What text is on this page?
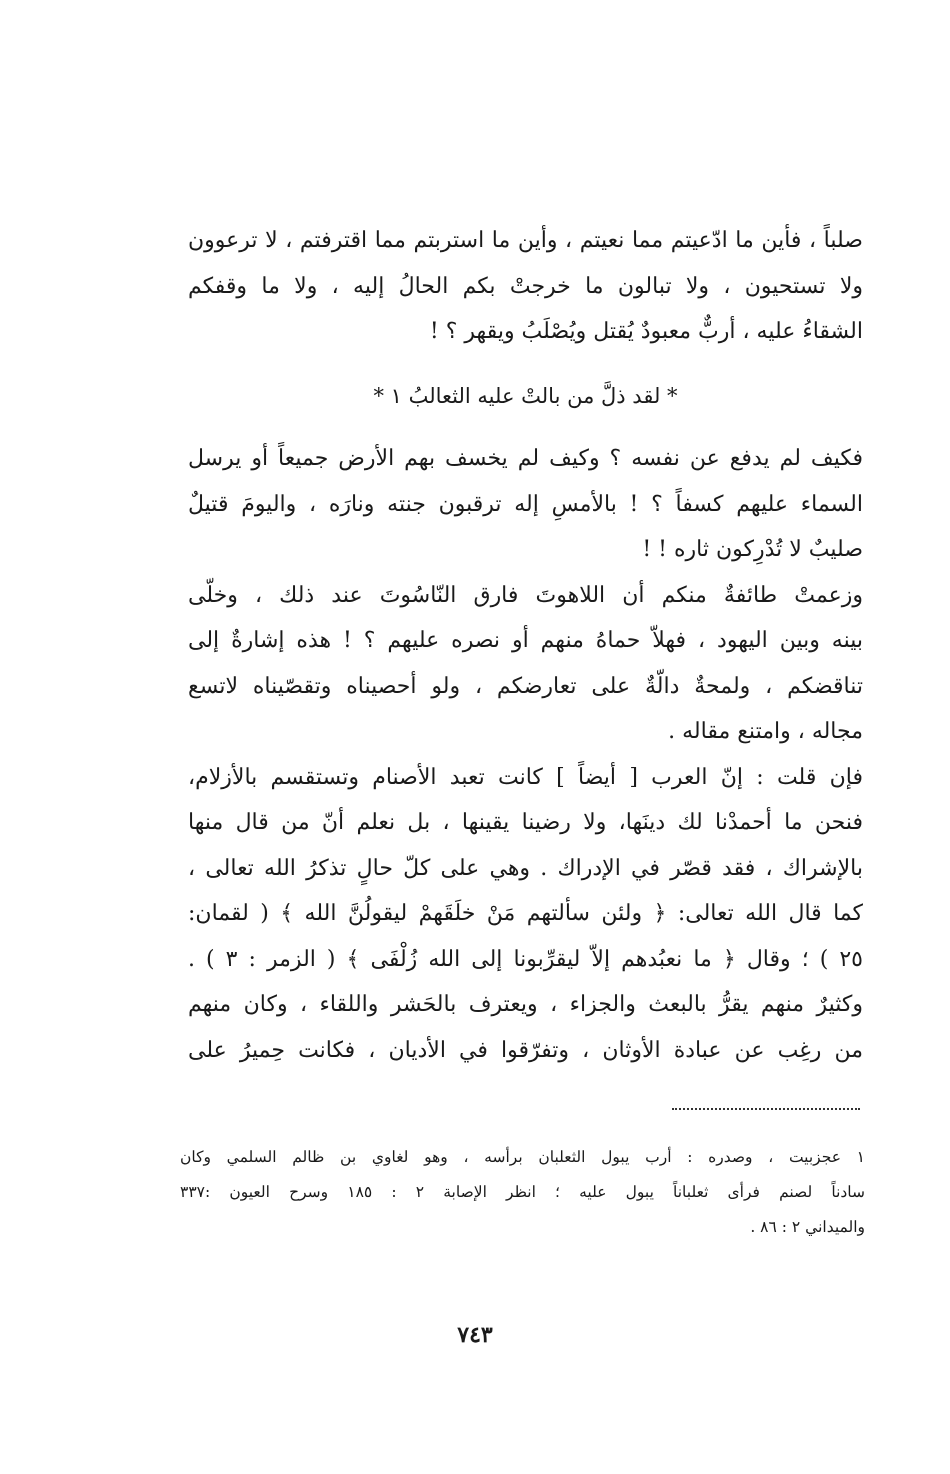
صلباً ، فأين ما ادّعيتم مما نعيتم ، وأين ما استربتم مما اقترفتم ، لا ترعوون
ولا تستحيون ، ولا تبالون ما خرجتْ بكم الحالُ إليه ، ولا ما وقفكم
الشقاءُ عليه ، أربٌّ معبودٌ يُقتل ويُصْلَبُ ويقهر ؟ !
* لقد ذلَّ من بالتْ عليه الثعالبُ ١ *
فكيف لم يدفع عن نفسه ؟ وكيف لم يخسف بهم الأرض جميعاً أو يرسل
السماء عليهم كسفاً ؟ ! بالأمسِ إله ترقبون جنته ونارَه ، واليومَ قتيلٌ
صليبٌ لا تُدْرِكون ثاره ! !
وزعمتْ طائفةٌ منكم أن اللاهوتَ فارق النّاسُوتَ عند ذلك ، وخلّى
بينه وبين اليهود ، فهلاّ حماهُ منهم أو نصره عليهم ؟ ! هذه إشارةٌ إلى
تناقضكم ، ولمحةٌ دالّةٌ على تعارضكم ، ولو أحصيناه وتقصّيناه لاتسع
مجاله ، وامتنع مقاله .
فإن قلت : إنّ العرب [ أيضاً ] كانت تعبد الأصنام وتستقسم بالأزلام،
فنحن ما أحمدْنا لك دينَها، ولا رضينا يقينها ، بل نعلم أنّ من قال منها
بالإشراك ، فقد قصّر في الإدراك . وهي على كلّ حالٍ تذكرُ الله تعالى ،
كما قال الله تعالى: ﴿ ولئن سألتهم مَنْ خلَقَهمْ ليقولُنَّ الله ﴾ ( لقمان:
٢٥ ) ؛ وقال ﴿ ما نعبُدهم إلاّ ليقرِّبونا إلى الله زُلْفَى ﴾ ( الزمر : ٣ ) .
وكثيرٌ منهم يقرُّ بالبعث والجزاء ، ويعترف بالحَشر واللقاء ، وكان منهم
من رغِب عن عبادة الأوثان ، وتفرّقوا في الأديان ، فكانت حِميرُ على
١ عجزبيت ، وصدره : أرب يبول الثعلبان برأسه ، وهو لغاوي بن ظالم السلمي وكان
سادناً لصنم فرأى ثعلباناً يبول عليه ؛ انظر الإصابة ٢ : ١٨٥ وسرح العيون :٣٣٧
والميداني ٢ : ٨٦ .
٧٤٣
